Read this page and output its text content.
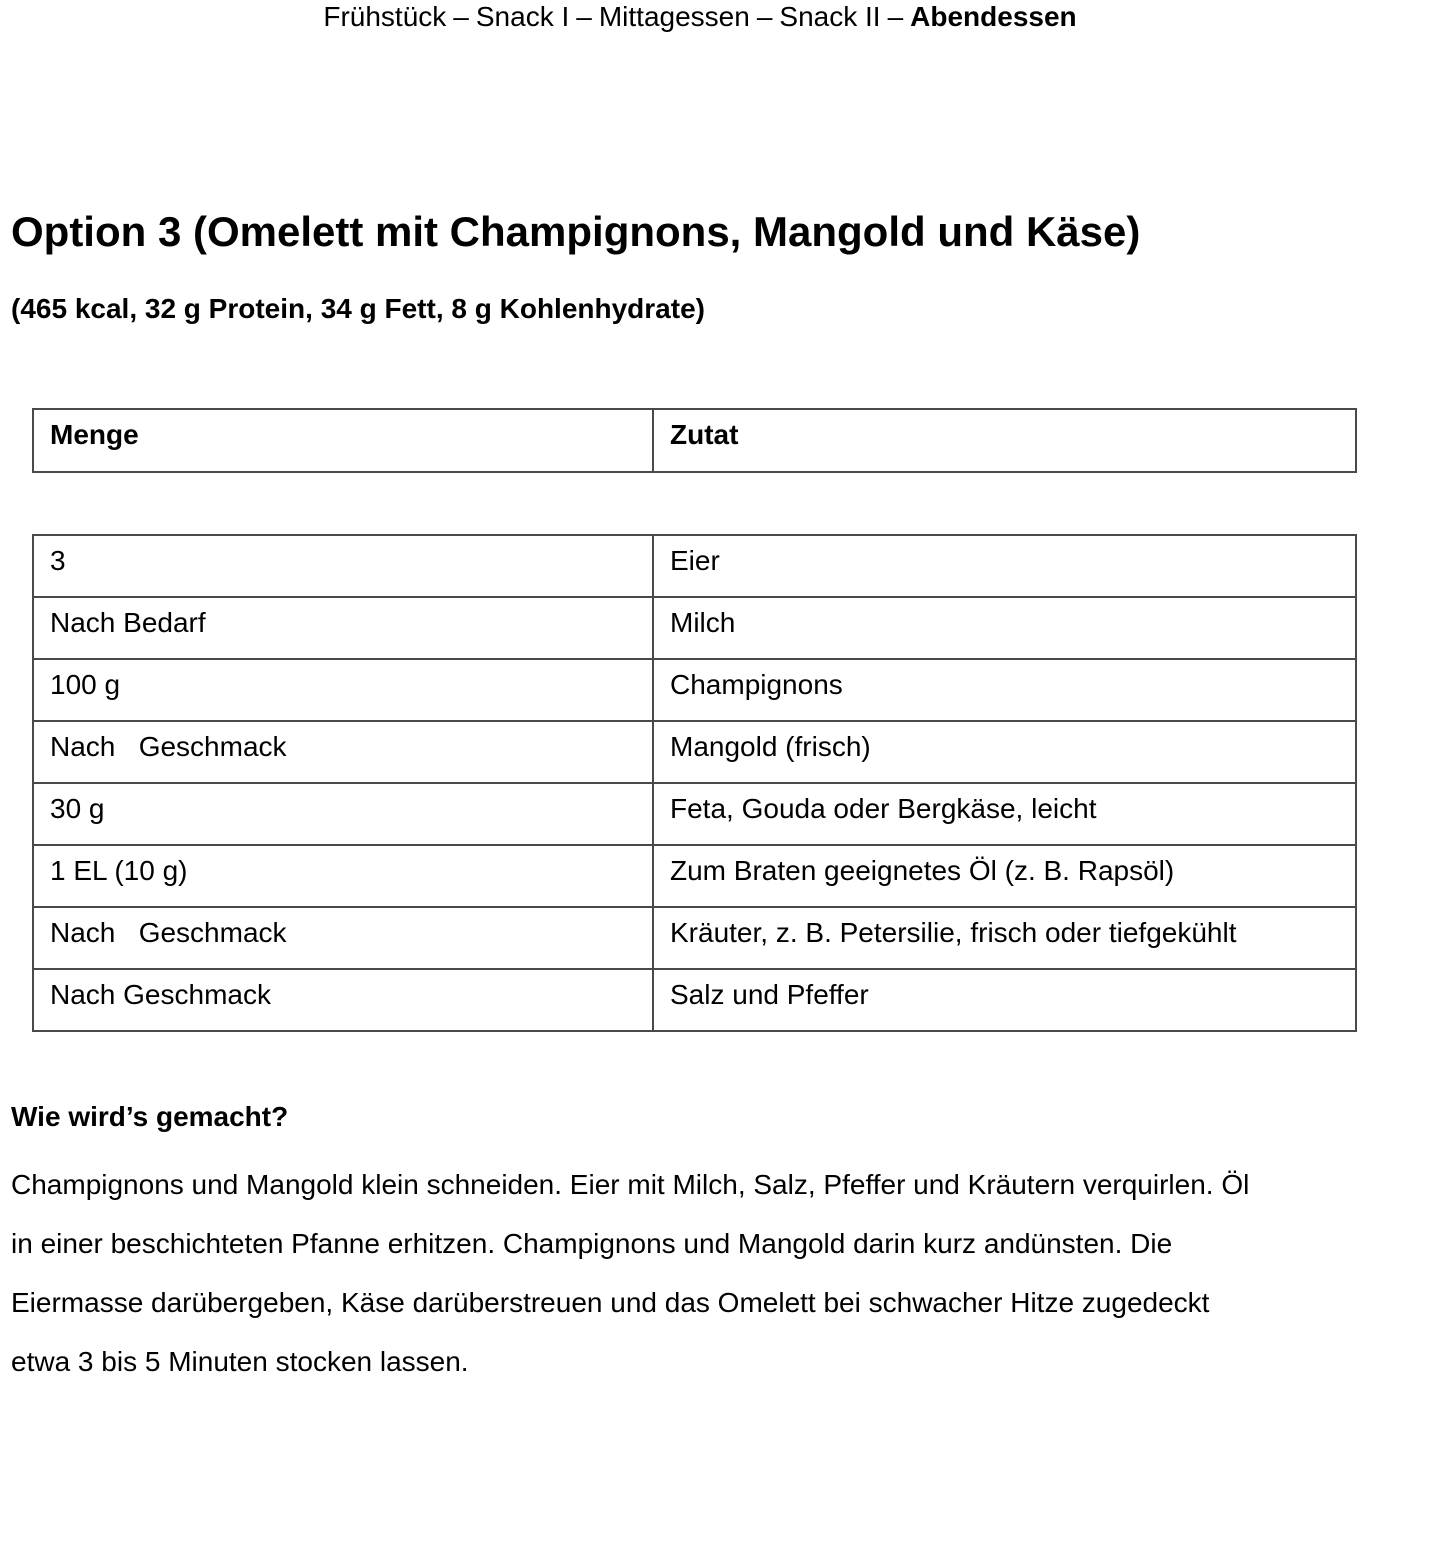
Frühstück – Snack I – Mittagessen – Snack II – Abendessen
Option 3 (Omelett mit Champignons, Mangold und Käse)

(465 kcal, 32 g Protein, 34 g Fett, 8 g Kohlenhydrate)

Menge	Zutat
3	Eier
Nach Bedarf	Milch
100 g	Champignons
Nach   Geschmack	Mangold (frisch)
30 g	Feta, Gouda oder Bergkäse, leicht
1 EL (10 g)	Zum Braten geeignetes Öl (z. B. Rapsöl)
Nach   Geschmack	Kräuter, z. B. Petersilie, frisch oder tiefgekühlt
Nach Geschmack	Salz und Pfeffer
Wie wird’s gemacht?

Champignons und Mangold klein schneiden. Eier mit Milch, Salz, Pfeffer und Kräutern verquirlen. Öl
in einer beschichteten Pfanne erhitzen. Champignons und Mangold darin kurz andünsten. Die
Eiermasse darübergeben, Käse darüberstreuen und das Omelett bei schwacher Hitze zugedeckt
etwa 3 bis 5 Minuten stocken lassen.
